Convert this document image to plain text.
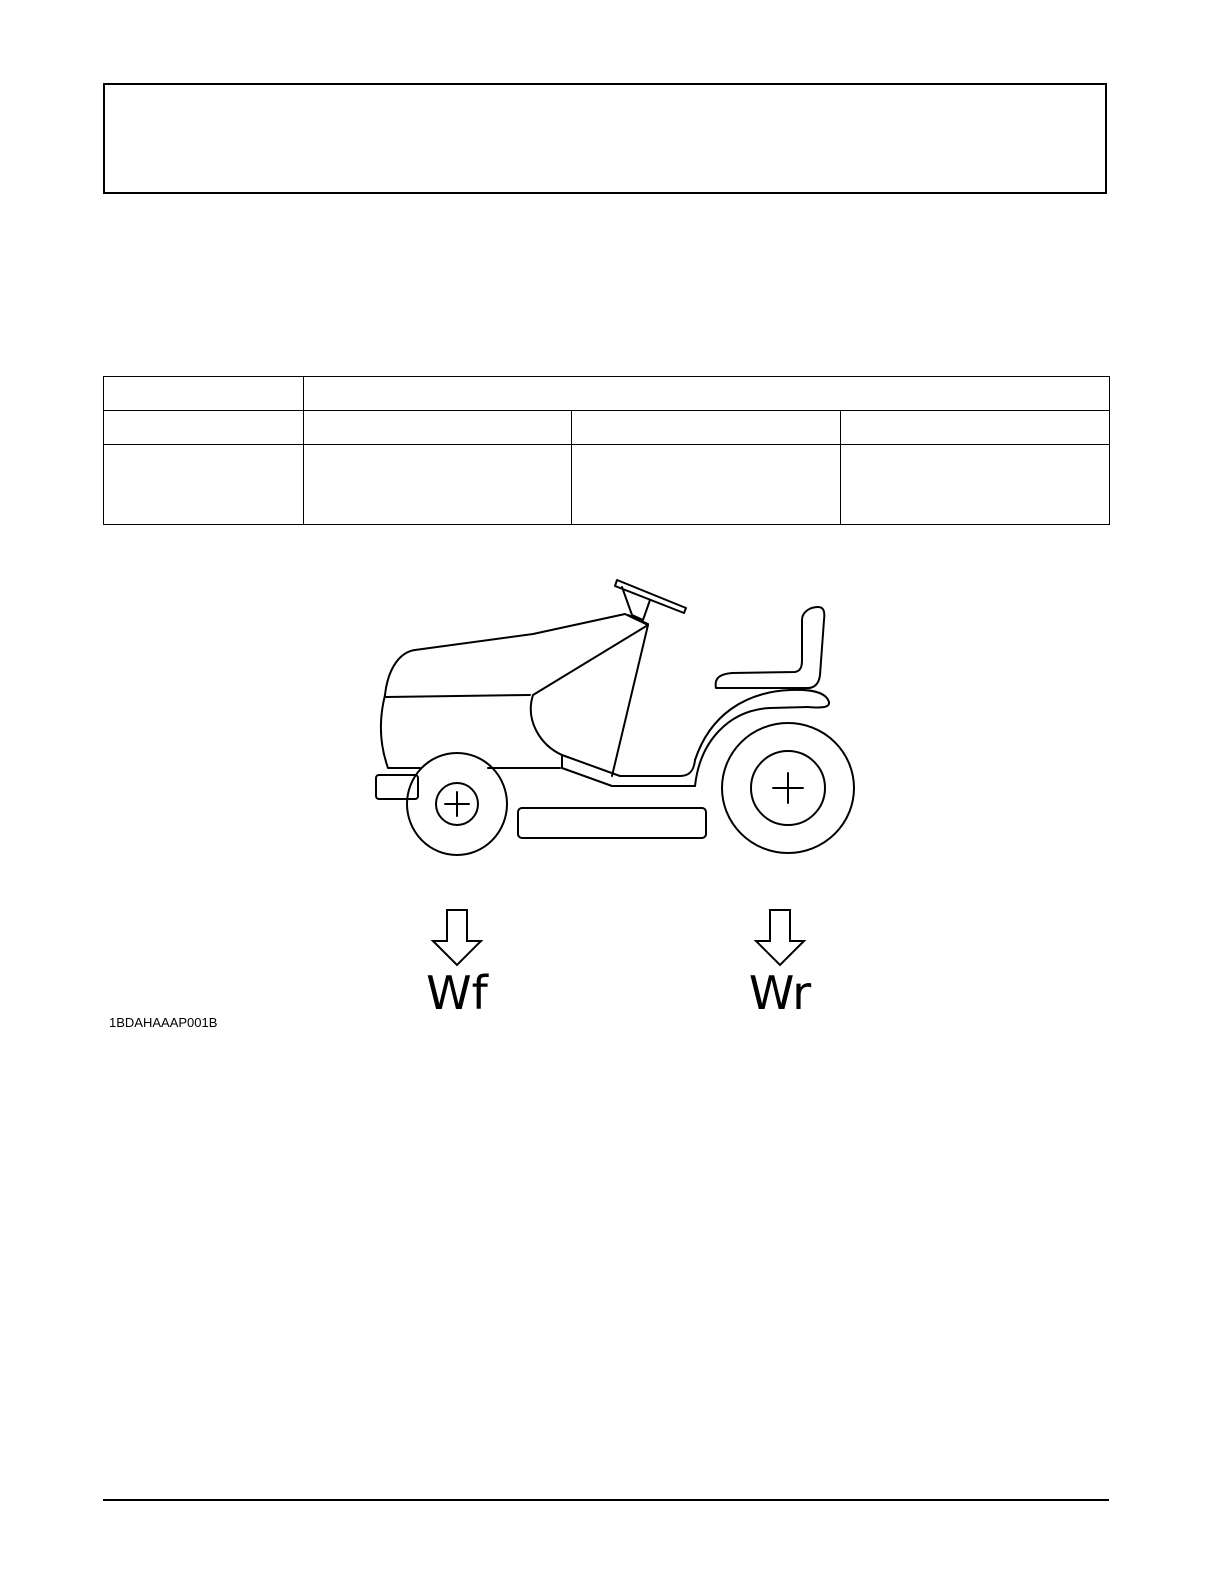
Wf	Wr
1BDAHAAAP001B
